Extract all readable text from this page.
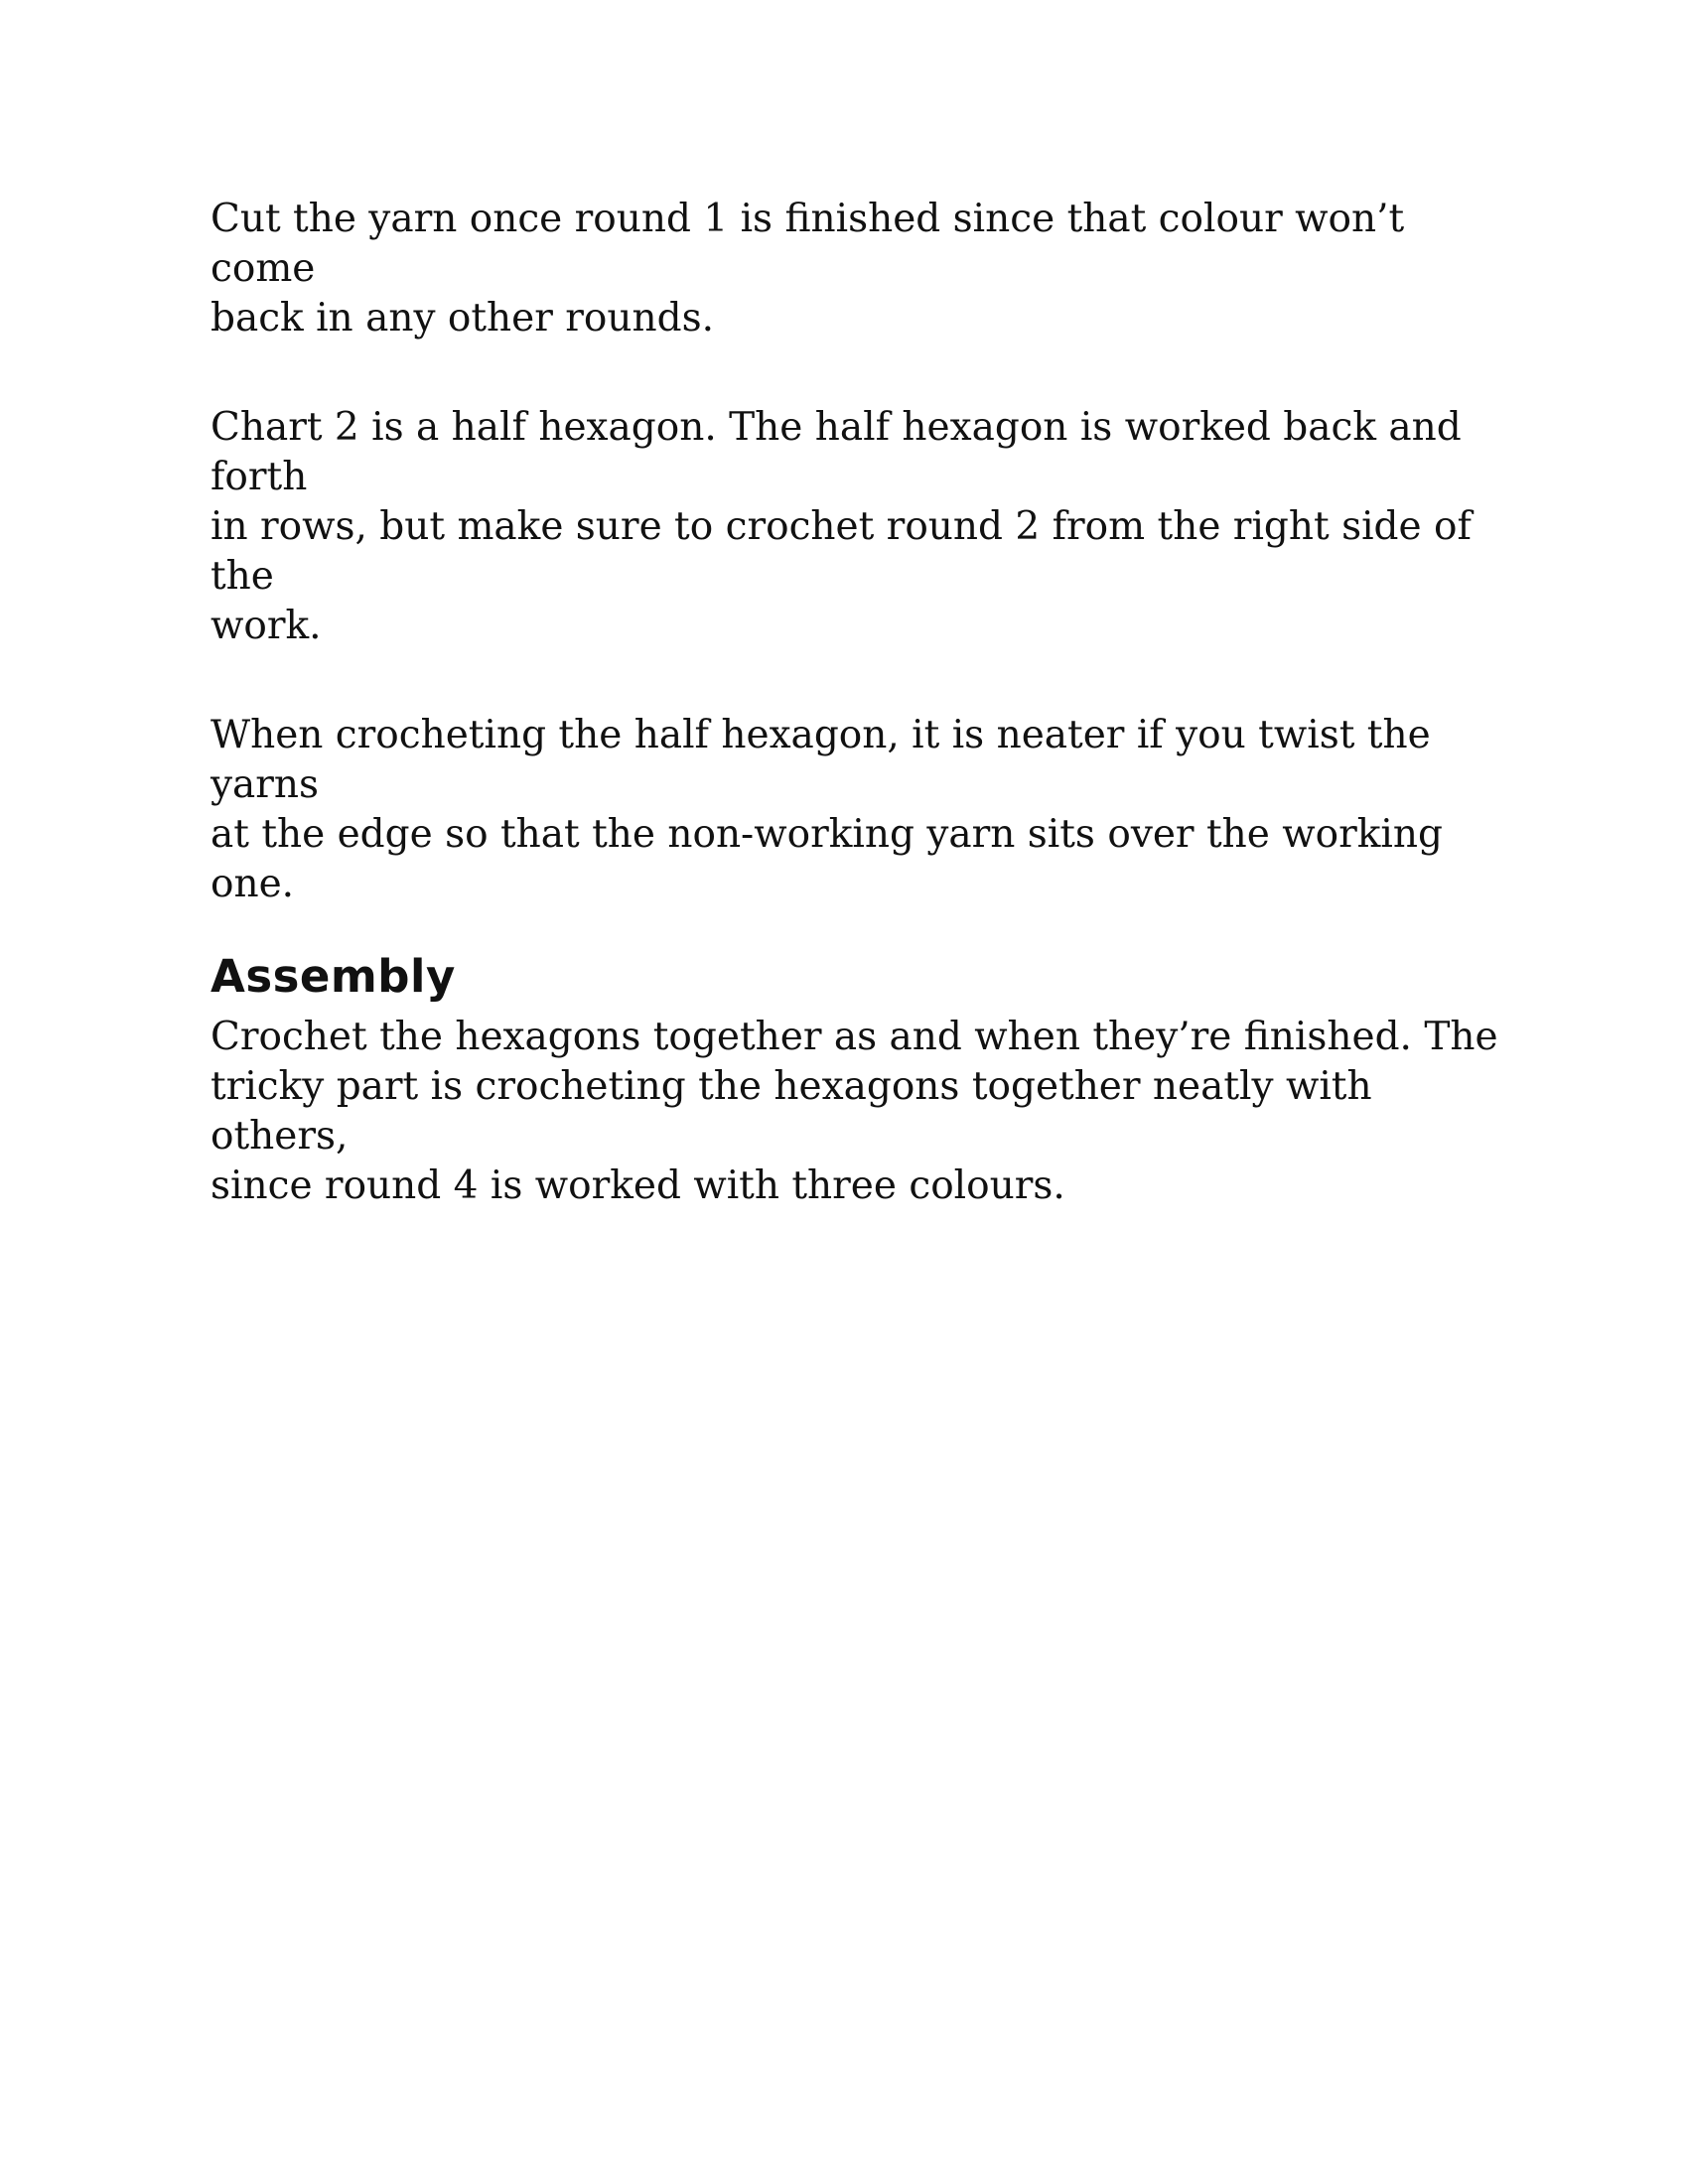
Cut the yarn once round 1 is finished since that colour won’t come
back in any other rounds.

Chart 2 is a half hexagon. The half hexagon is worked back and forth
in rows, but make sure to crochet round 2 from the right side of the
work.

When crocheting the half hexagon, it is neater if you twist the yarns
at the edge so that the non-working yarn sits over the working one.

Assembly

Crochet the hexagons together as and when they’re finished. The
tricky part is crocheting the hexagons together neatly with others,
since round 4 is worked with three colours.
